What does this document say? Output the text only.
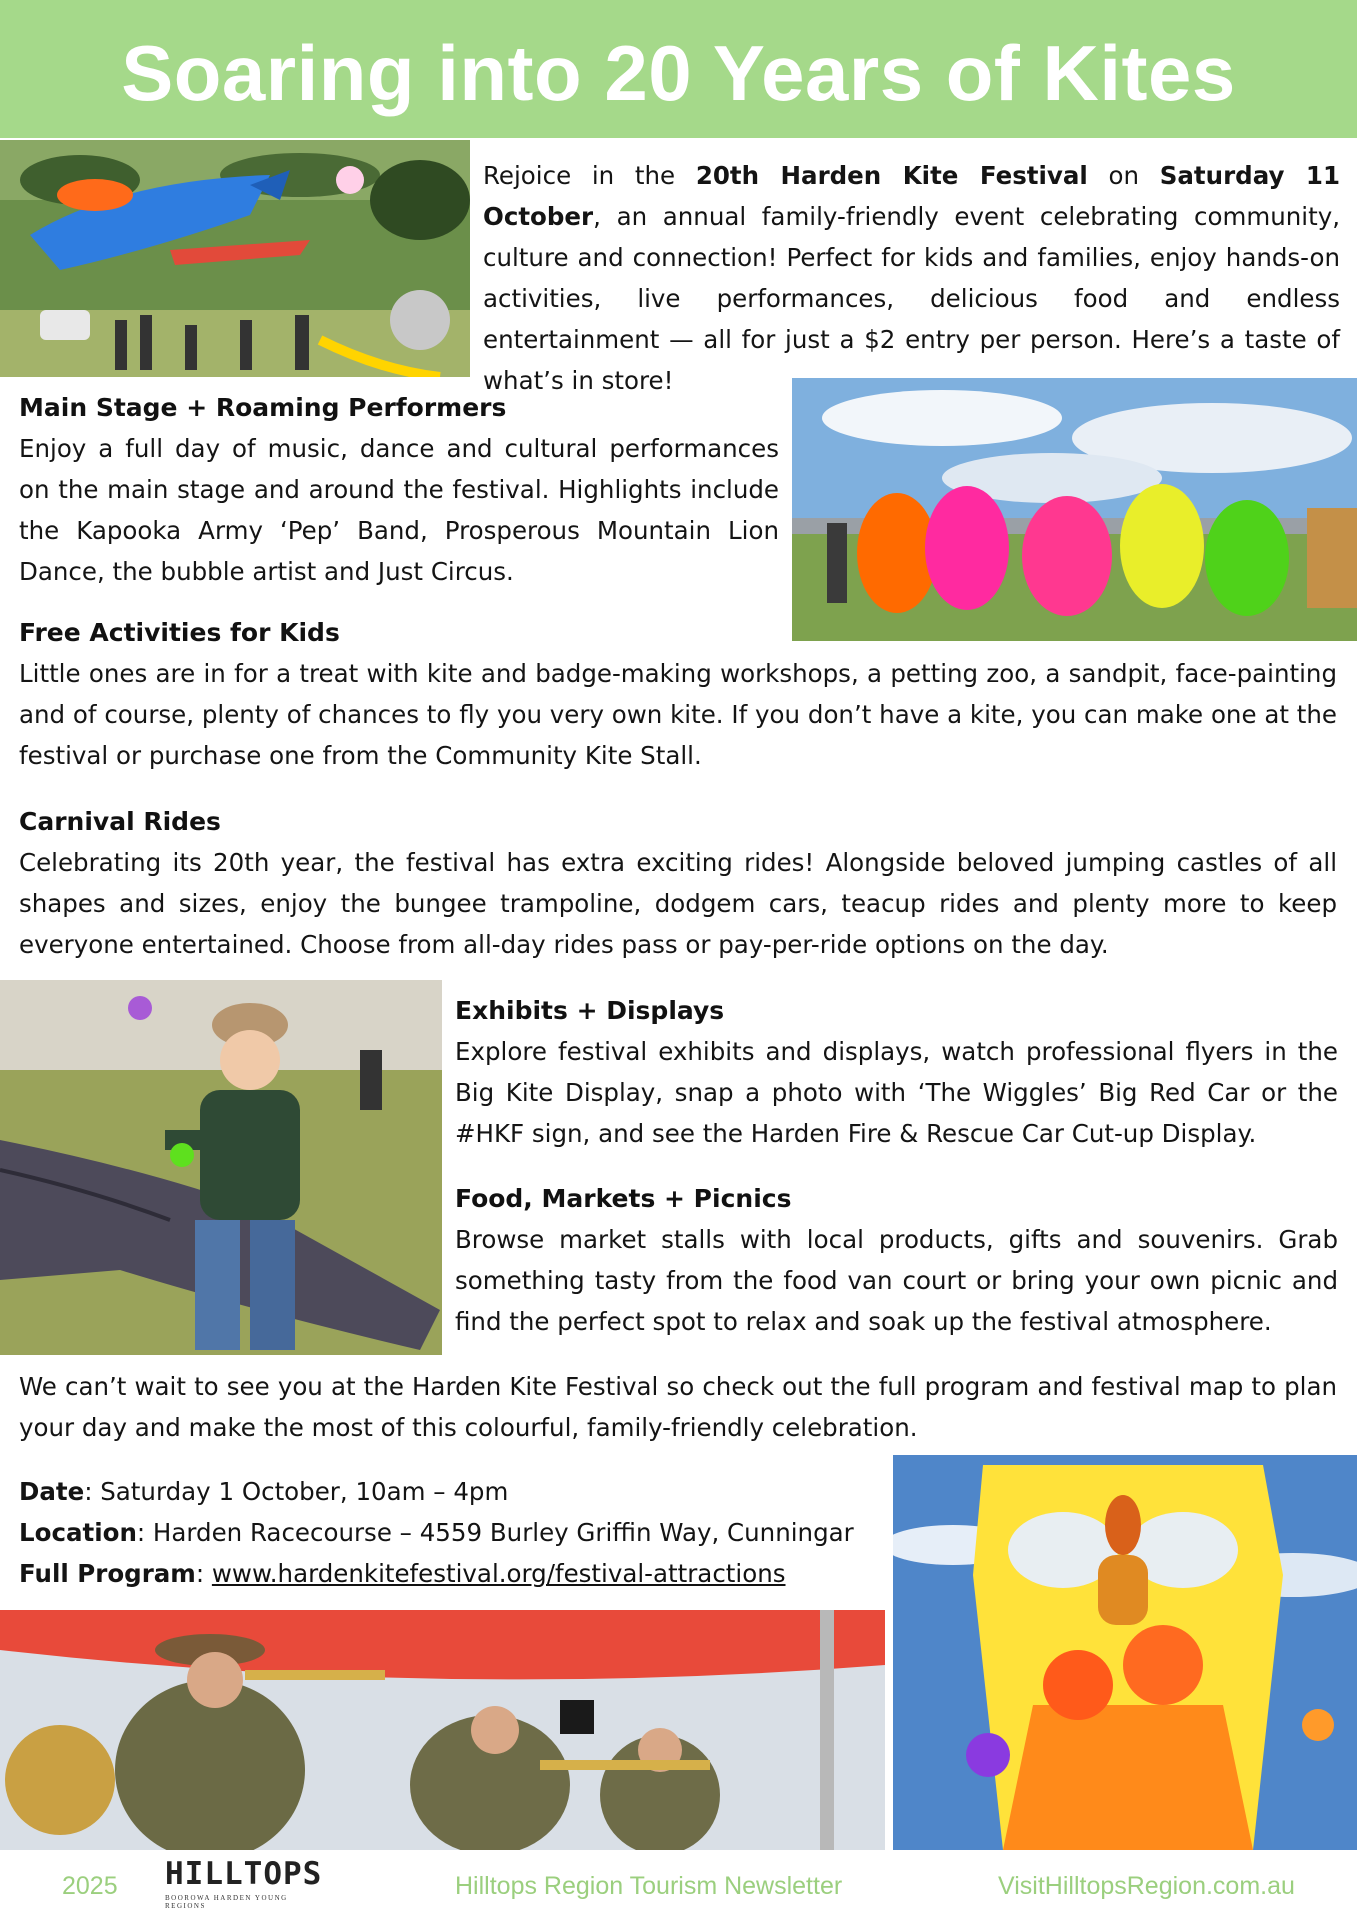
Soaring into 20 Years of Kites
Rejoice in the 20th Harden Kite Festival on Saturday 11 October, an annual family-friendly event celebrating community, culture and connection! Perfect for kids and families, enjoy hands-on activities, live performances, delicious food and endless entertainment — all for just a $2 entry per person. Here’s a taste of what’s in store!
Main Stage + Roaming Performers
Enjoy a full day of music, dance and cultural performances on the main stage and around the festival. Highlights include the Kapooka Army ‘Pep’ Band, Prosperous Mountain Lion Dance, the bubble artist and Just Circus.
Free Activities for Kids
Little ones are in for a treat with kite and badge-making workshops, a petting zoo, a sandpit, face-painting and of course, plenty of chances to fly you very own kite. If you don’t have a kite, you can make one at the festival or purchase one from the Community Kite Stall.
Carnival Rides
Celebrating its 20th year, the festival has extra exciting rides! Alongside beloved jumping castles of all shapes and sizes, enjoy the bungee trampoline, dodgem cars, teacup rides and plenty more to keep everyone entertained. Choose from all-day rides pass or pay-per-ride options on the day.
Exhibits + Displays
Explore festival exhibits and displays, watch professional flyers in the Big Kite Display, snap a photo with ‘The Wiggles’ Big Red Car or the #HKF sign, and see the Harden Fire & Rescue Car Cut-up Display.
Food, Markets + Picnics
Browse market stalls with local products, gifts and souvenirs. Grab something tasty from the food van court or bring your own picnic and find the perfect spot to relax and soak up the festival atmosphere.
We can’t wait to see you at the Harden Kite Festival so check out the full program and festival map to plan your day and make the most of this colourful, family-friendly celebration.
Date: Saturday 1 October, 10am – 4pm
Location: Harden Racecourse – 4559 Burley Griffin Way, Cunningar
Full Program: www.hardenkitefestival.org/festival-attractions
2025	Hilltops Region Tourism Newsletter	VisitHilltopsRegion.com.au
HILLTOPS
BOOROWA HARDEN YOUNG REGIONS
